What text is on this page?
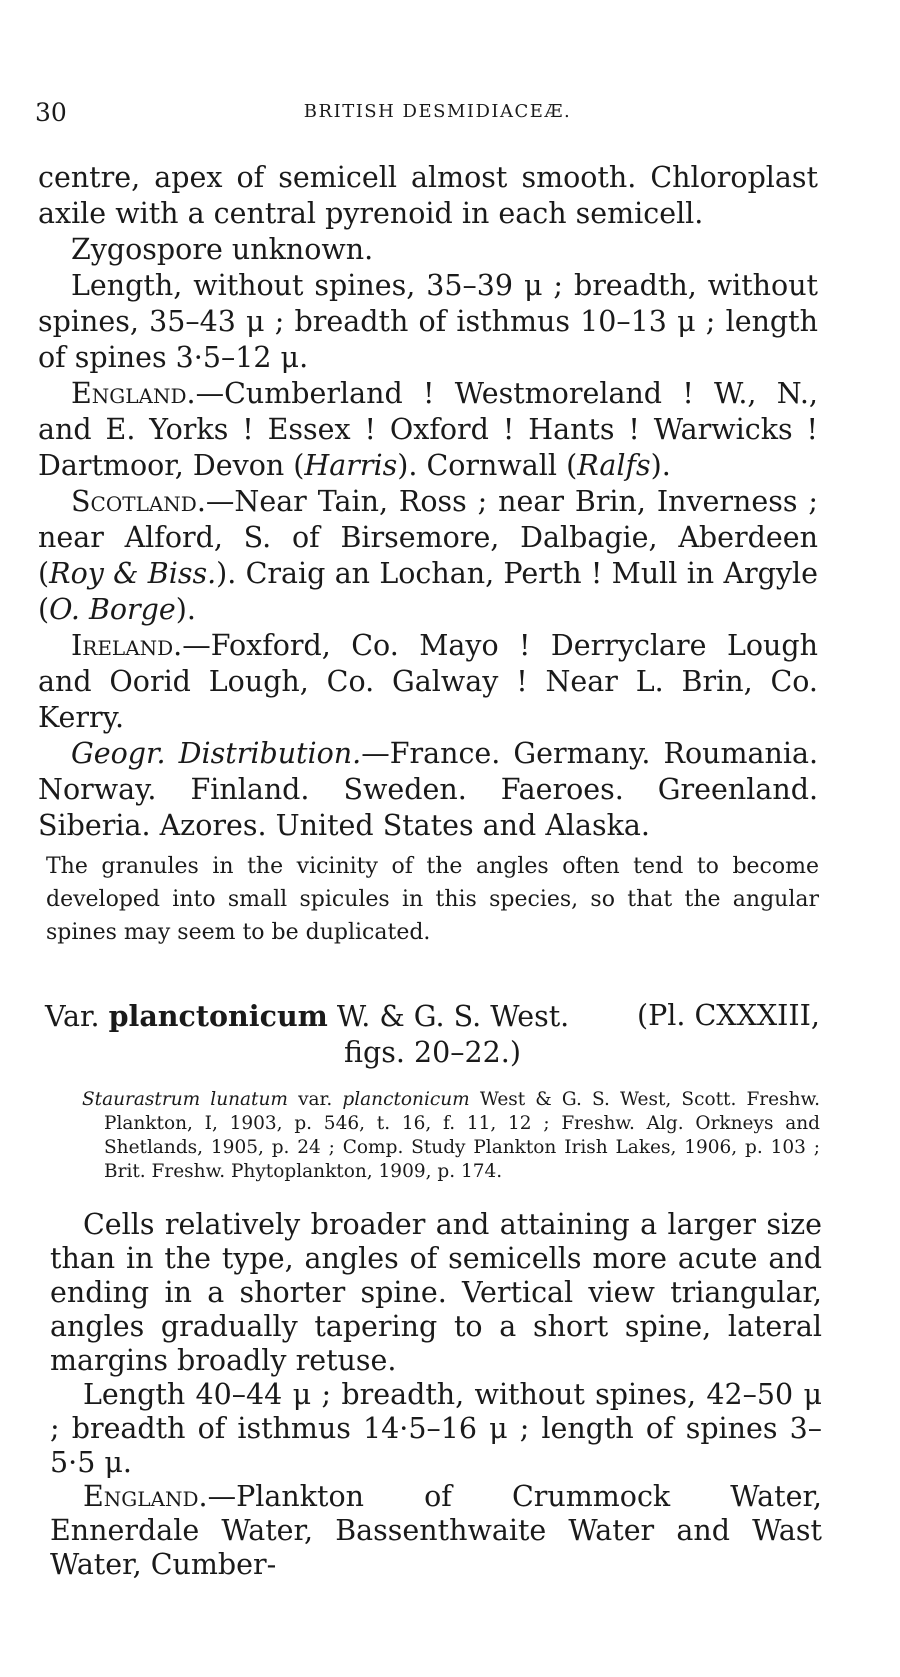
30	BRITISH DESMIDIACEÆ.

centre, apex of semicell almost smooth. Chloroplast axile with a central pyrenoid in each semicell.

Zygospore unknown.

Length, without spines, 35–39 μ ; breadth, without spines, 35–43 μ ; breadth of isthmus 10–13 μ ; length of spines 3·5–12 μ.

England.—Cumberland ! Westmoreland ! W., N., and E. Yorks ! Essex ! Oxford ! Hants ! Warwicks ! Dartmoor, Devon (Harris). Cornwall (Ralfs).

Scotland.—Near Tain, Ross ; near Brin, Inverness ; near Alford, S. of Birsemore, Dalbagie, Aberdeen (Roy & Biss.). Craig an Lochan, Perth ! Mull in Argyle (O. Borge).

Ireland.—Foxford, Co. Mayo ! Derryclare Lough and Oorid Lough, Co. Galway ! Near L. Brin, Co. Kerry.

Geogr. Distribution.—France. Germany. Roumania. Norway. Finland. Sweden. Faeroes. Greenland. Siberia. Azores. United States and Alaska.

The granules in the vicinity of the angles often tend to become developed into small spicules in this species, so that the angular spines may seem to be duplicated.

Var. planctonicum W. & G. S. West. (Pl. CXXXIII,
figs. 20–22.)

Staurastrum lunatum var. planctonicum West & G. S. West, Scott. Freshw. Plankton, I, 1903, p. 546, t. 16, f. 11, 12 ; Freshw. Alg. Orkneys and Shetlands, 1905, p. 24 ; Comp. Study Plankton Irish Lakes, 1906, p. 103 ; Brit. Freshw. Phytoplankton, 1909, p. 174.

Cells relatively broader and attaining a larger size than in the type, angles of semicells more acute and ending in a shorter spine. Vertical view triangular, angles gradually tapering to a short spine, lateral margins broadly retuse.

Length 40–44 μ ; breadth, without spines, 42–50 μ ; breadth of isthmus 14·5–16 μ ; length of spines 3–5·5 μ.

England.—Plankton of Crummock Water, Ennerdale Water, Bassenthwaite Water and Wast Water, Cumber-
